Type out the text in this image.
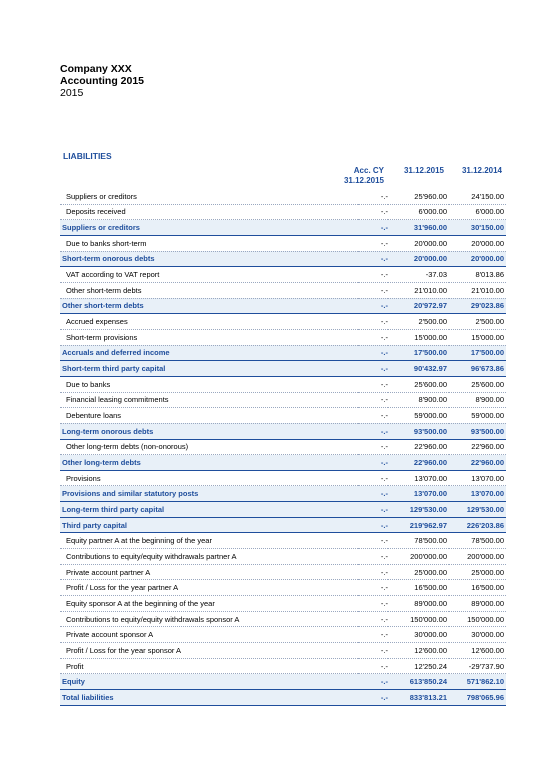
Company XXX
Accounting 2015
2015
LIABILITIES
Acc. CY
31.12.2015
31.12.2015	31.12.2014
Suppliers or creditors	-.-	25'960.00	24'150.00
Deposits received	-.-	6'000.00	6'000.00
Suppliers or creditors	-.-	31'960.00	30'150.00
Due to banks short-term	-.-	20'000.00	20'000.00
Short-term onorous debts	-.-	20'000.00	20'000.00
VAT according to VAT report	-.-	-37.03	8'013.86
Other short-term debts	-.-	21'010.00	21'010.00
Other short-term debts	-.-	20'972.97	29'023.86
Accrued expenses	-.-	2'500.00	2'500.00
Short-term provisions	-.-	15'000.00	15'000.00
Accruals and deferred income	-.-	17'500.00	17'500.00
Short-term third party capital	-.-	90'432.97	96'673.86
Due to banks	-.-	25'600.00	25'600.00
Financial leasing commitments	-.-	8'900.00	8'900.00
Debenture loans	-.-	59'000.00	59'000.00
Long-term onorous debts	-.-	93'500.00	93'500.00
Other long-term debts (non-onorous)	-.-	22'960.00	22'960.00
Other long-term debts	-.-	22'960.00	22'960.00
Provisions	-.-	13'070.00	13'070.00
Provisions and similar statutory posts	-.-	13'070.00	13'070.00
Long-term third party capital	-.-	129'530.00	129'530.00
Third party capital	-.-	219'962.97	226'203.86
Equity partner A at the beginning of the year	-.-	78'500.00	78'500.00
Contributions to equity/equity withdrawals partner A	-.-	200'000.00	200'000.00
Private account partner A	-.-	25'000.00	25'000.00
Profit / Loss for the year partner A	-.-	16'500.00	16'500.00
Equity sponsor A at the beginning of the year	-.-	89'000.00	89'000.00
Contributions to equity/equity withdrawals sponsor A	-.-	150'000.00	150'000.00
Private account sponsor A	-.-	30'000.00	30'000.00
Profit / Loss for the year sponsor A	-.-	12'600.00	12'600.00
Profit	-.-	12'250.24	-29'737.90
Equity	-.-	613'850.24	571'862.10
Total liabilities	-.-	833'813.21	798'065.96
